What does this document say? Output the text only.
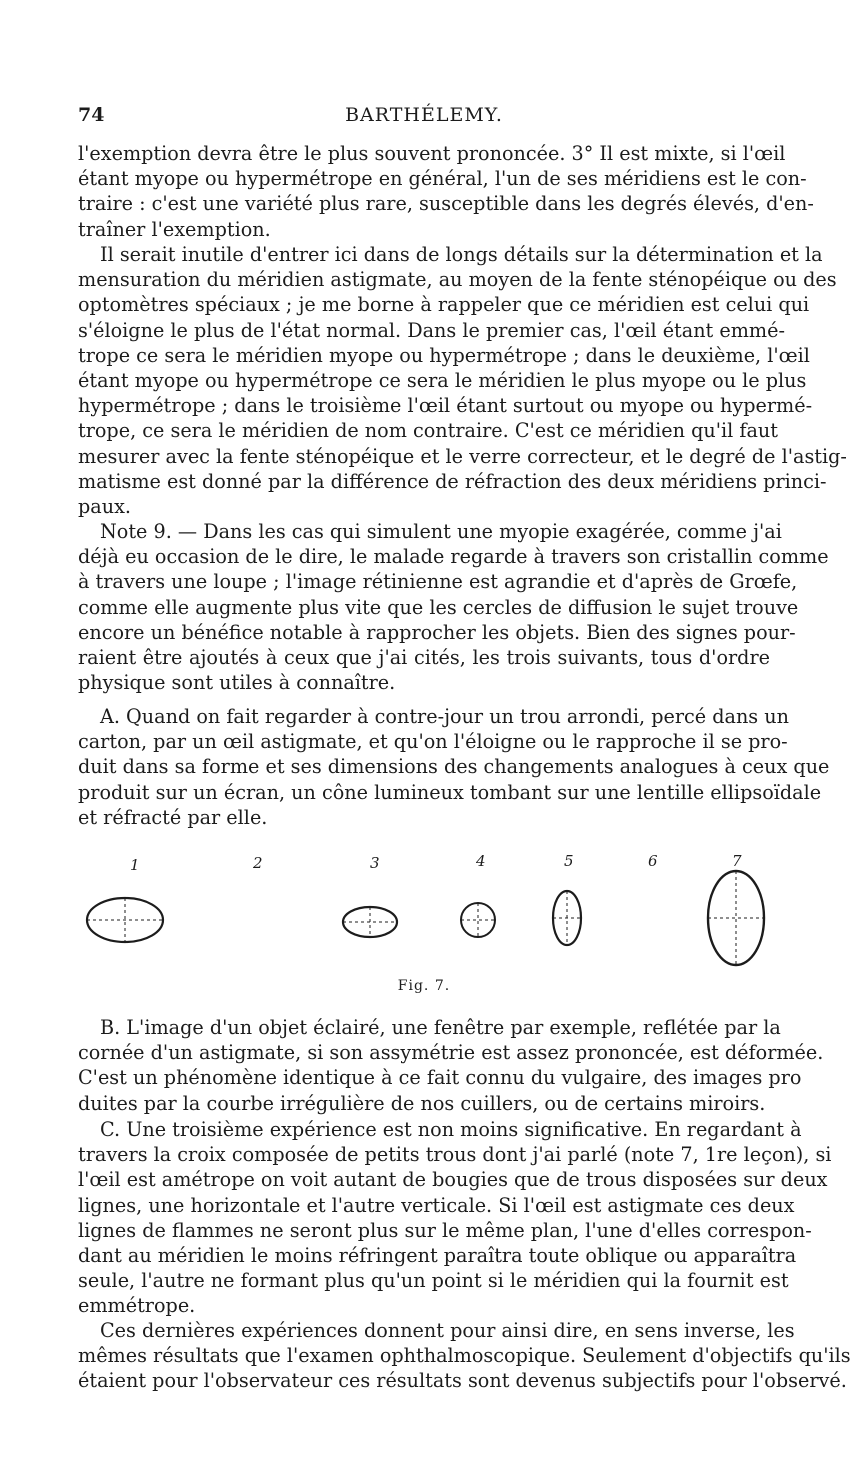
74	BARTHÉLEMY.
l'exemption devra être le plus souvent prononcée. 3° Il est mixte, si l'œil
étant myope ou hypermétrope en général, l'un de ses méridiens est le con-
traire : c'est une variété plus rare, susceptible dans les degrés élevés, d'en-
traîner l'exemption.
Il serait inutile d'entrer ici dans de longs détails sur la détermination et la
mensuration du méridien astigmate, au moyen de la fente sténopéique ou des
optomètres spéciaux ; je me borne à rappeler que ce méridien est celui qui
s'éloigne le plus de l'état normal. Dans le premier cas, l'œil étant emmé-
trope ce sera le méridien myope ou hypermétrope ; dans le deuxième, l'œil
étant myope ou hypermétrope ce sera le méridien le plus myope ou le plus
hypermétrope ; dans le troisième l'œil étant surtout ou myope ou hypermé-
trope, ce sera le méridien de nom contraire. C'est ce méridien qu'il faut
mesurer avec la fente sténopéique et le verre correcteur, et le degré de l'astig-
matisme est donné par la différence de réfraction des deux méridiens princi-
paux.
Note 9. — Dans les cas qui simulent une myopie exagérée, comme j'ai
déjà eu occasion de le dire, le malade regarde à travers son cristallin comme
à travers une loupe ; l'image rétinienne est agrandie et d'après de Grœfe,
comme elle augmente plus vite que les cercles de diffusion le sujet trouve
encore un bénéfice notable à rapprocher les objets. Bien des signes pour-
raient être ajoutés à ceux que j'ai cités, les trois suivants, tous d'ordre
physique sont utiles à connaître.
A. Quand on fait regarder à contre-jour un trou arrondi, percé dans un
carton, par un œil astigmate, et qu'on l'éloigne ou le rapproche il se pro-
duit dans sa forme et ses dimensions des changements analogues à ceux que
produit sur un écran, un cône lumineux tombant sur une lentille ellipsoïdale
et réfracté par elle.
1	2	3	4	5	6	7
Fig. 7.
B. L'image d'un objet éclairé, une fenêtre par exemple, reflétée par la
cornée d'un astigmate, si son assymétrie est assez prononcée, est déformée.
C'est un phénomène identique à ce fait connu du vulgaire, des images pro
duites par la courbe irrégulière de nos cuillers, ou de certains miroirs.
C. Une troisième expérience est non moins significative. En regardant à
travers la croix composée de petits trous dont j'ai parlé (note 7, 1re leçon), si
l'œil est amétrope on voit autant de bougies que de trous disposées sur deux
lignes, une horizontale et l'autre verticale. Si l'œil est astigmate ces deux
lignes de flammes ne seront plus sur le même plan, l'une d'elles correspon-
dant au méridien le moins réfringent paraîtra toute oblique ou apparaîtra
seule, l'autre ne formant plus qu'un point si le méridien qui la fournit est
emmétrope.
Ces dernières expériences donnent pour ainsi dire, en sens inverse, les
mêmes résultats que l'examen ophthalmoscopique. Seulement d'objectifs qu'ils
étaient pour l'observateur ces résultats sont devenus subjectifs pour l'observé.
